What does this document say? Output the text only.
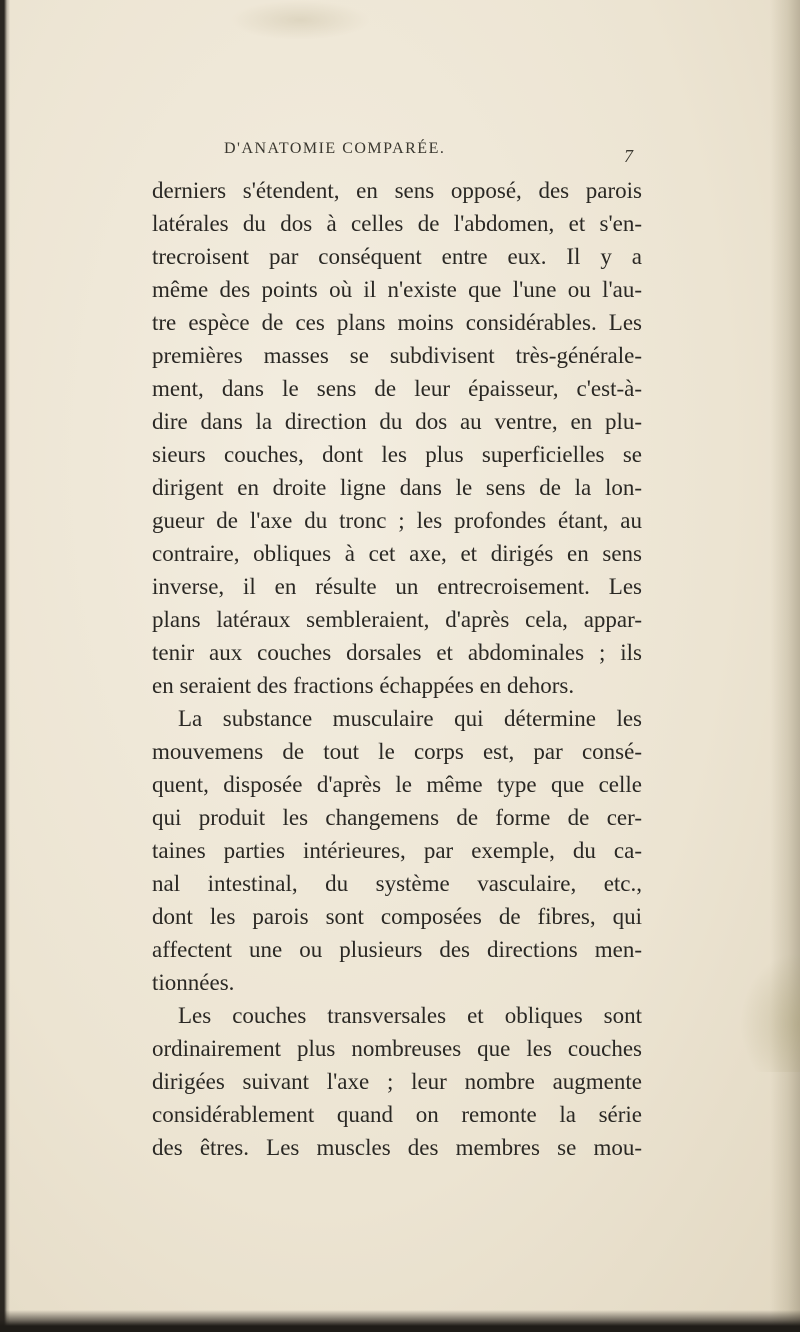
D'ANATOMIE COMPARÉE.	7
derniers s'étendent, en sens opposé, des parois
latérales du dos à celles de l'abdomen, et s'en-
trecroisent par conséquent entre eux. Il y a
même des points où il n'existe que l'une ou l'au-
tre espèce de ces plans moins considérables. Les
premières masses se subdivisent très-générale-
ment, dans le sens de leur épaisseur, c'est-à-
dire dans la direction du dos au ventre, en plu-
sieurs couches, dont les plus superficielles se
dirigent en droite ligne dans le sens de la lon-
gueur de l'axe du tronc ; les profondes étant, au
contraire, obliques à cet axe, et dirigés en sens
inverse, il en résulte un entrecroisement. Les
plans latéraux sembleraient, d'après cela, appar-
tenir aux couches dorsales et abdominales ; ils
en seraient des fractions échappées en dehors.
La substance musculaire qui détermine les
mouvemens de tout le corps est, par consé-
quent, disposée d'après le même type que celle
qui produit les changemens de forme de cer-
taines parties intérieures, par exemple, du ca-
nal intestinal, du système vasculaire, etc.,
dont les parois sont composées de fibres, qui
affectent une ou plusieurs des directions men-
tionnées.
Les couches transversales et obliques sont
ordinairement plus nombreuses que les couches
dirigées suivant l'axe ; leur nombre augmente
considérablement quand on remonte la série
des êtres. Les muscles des membres se mou-
